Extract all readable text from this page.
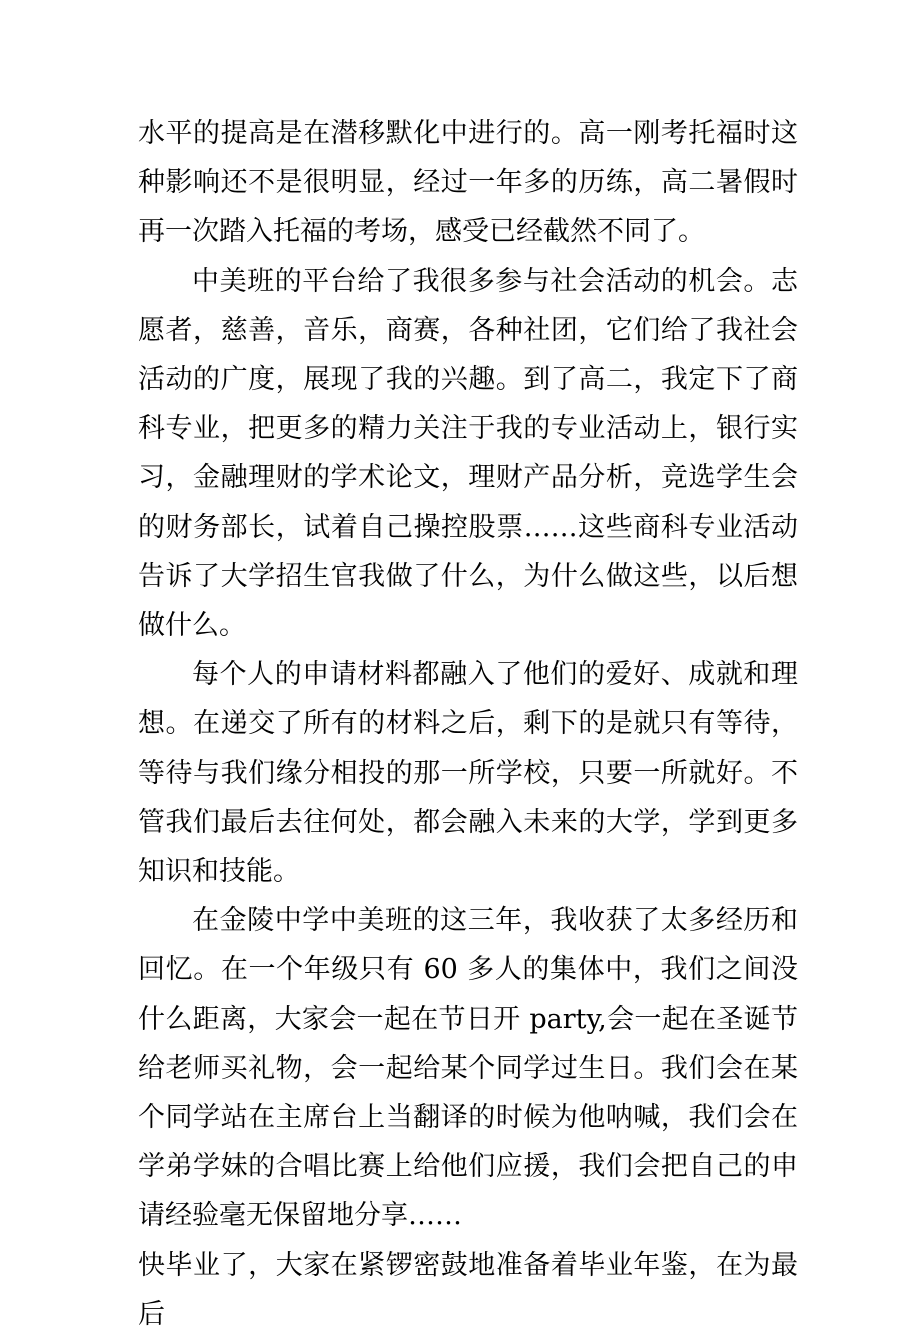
水平的提高是在潜移默化中进行的。高一刚考托福时这种影响还不是很明显，经过一年多的历练，高二暑假时再一次踏入托福的考场，感受已经截然不同了。

中美班的平台给了我很多参与社会活动的机会。志愿者，慈善，音乐，商赛，各种社团，它们给了我社会活动的广度，展现了我的兴趣。到了高二，我定下了商科专业，把更多的精力关注于我的专业活动上，银行实习，金融理财的学术论文，理财产品分析，竞选学生会的财务部长，试着自己操控股票……这些商科专业活动告诉了大学招生官我做了什么，为什么做这些，以后想做什么。

每个人的申请材料都融入了他们的爱好、成就和理想。在递交了所有的材料之后，剩下的是就只有等待，等待与我们缘分相投的那一所学校，只要一所就好。不管我们最后去往何处，都会融入未来的大学，学到更多知识和技能。

在金陵中学中美班的这三年，我收获了太多经历和回忆。在一个年级只有 60 多人的集体中，我们之间没什么距离，大家会一起在节日开 party,会一起在圣诞节给老师买礼物，会一起给某个同学过生日。我们会在某个同学站在主席台上当翻译的时候为他呐喊，我们会在学弟学妹的合唱比赛上给他们应援，我们会把自己的申请经验毫无保留地分享……

快毕业了，大家在紧锣密鼓地准备着毕业年鉴，在为最后
